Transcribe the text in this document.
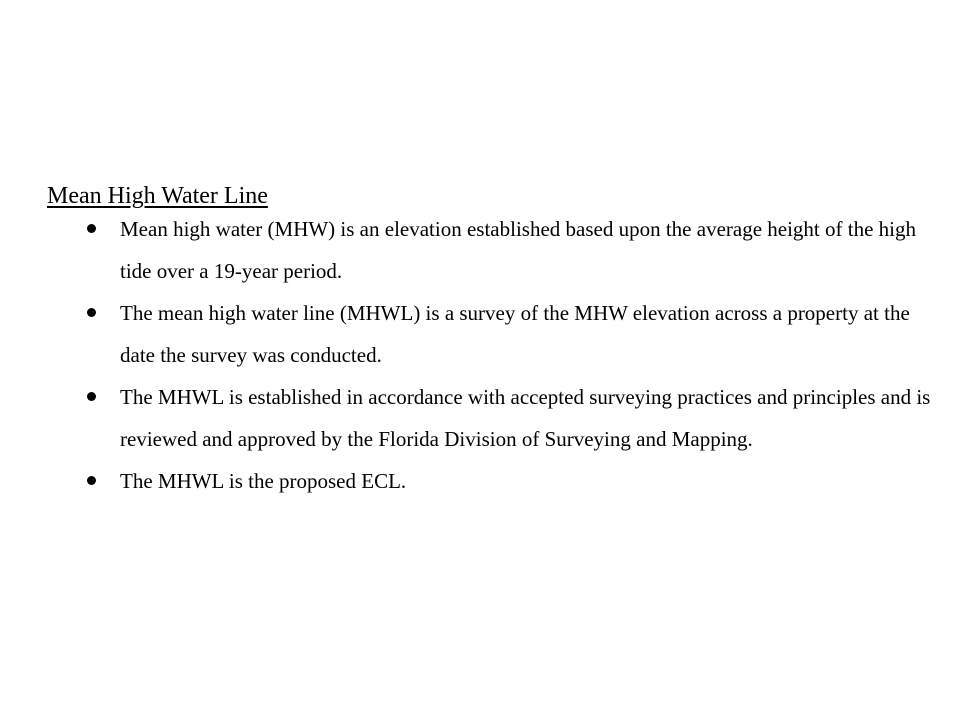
Mean High Water Line
Mean high water (MHW) is an elevation established based upon the average height of the high tide over a 19-year period.
The mean high water line (MHWL) is a survey of the MHW elevation across a property at the date the survey was conducted.
The MHWL is established in accordance with accepted surveying practices and principles and is reviewed and approved by the Florida Division of Surveying and Mapping.
The MHWL is the proposed ECL.
